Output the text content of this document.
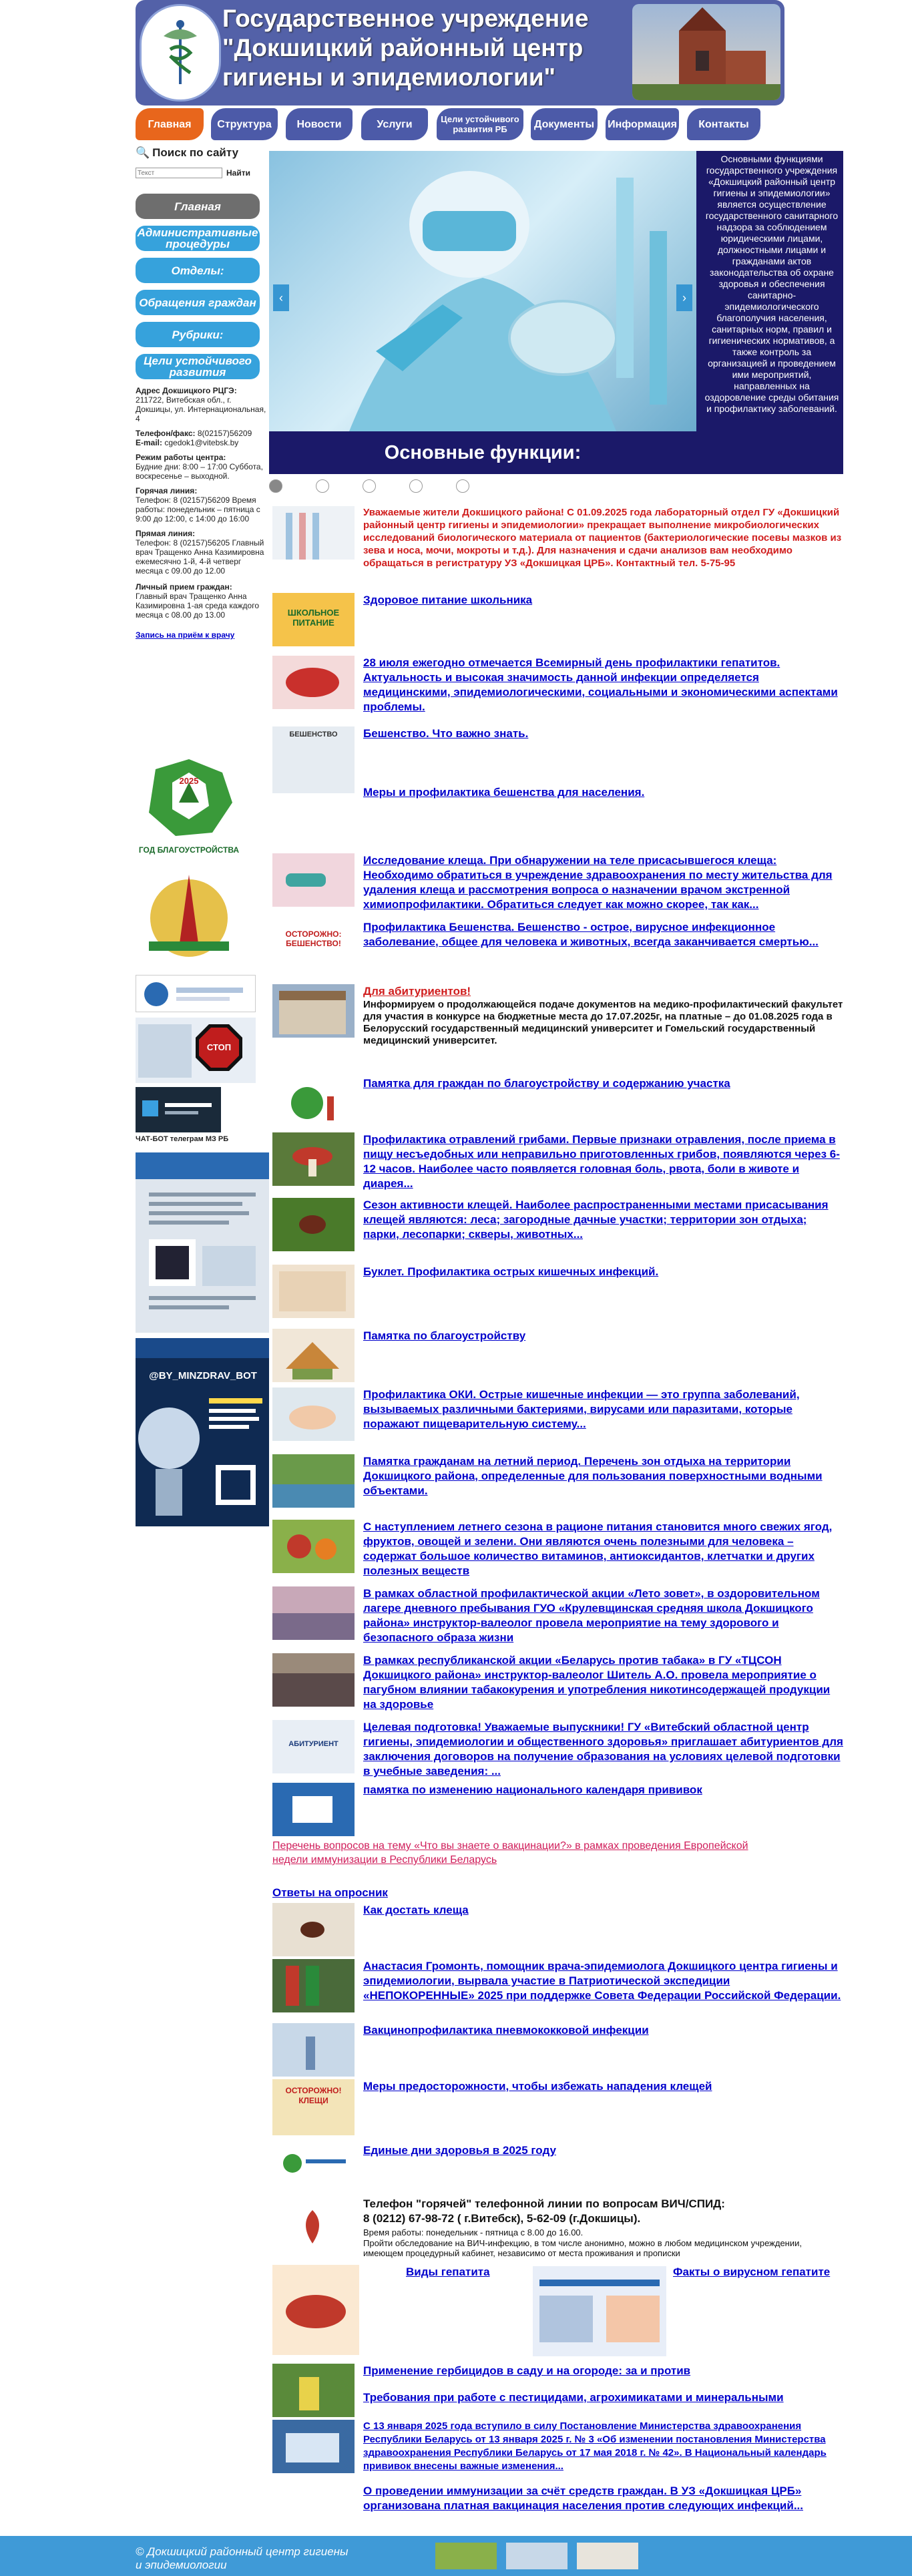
Государственное учреждение
"Докшицкий районный центр
гигиены и эпидемиологии"
Главная	Структура	Новости	Услуги	Цели устойчивого развития РБ	Документы	Информация	Контакты
🔍 Поиск по сайту
Текст
Найти
Главная
Административные процедуры
Отделы:
Обращения граждан
Рубрики:
Цели устойчивого развития
Адрес Докшицкого РЦГЭ:
211722, Витебская обл., г. Докшицы, ул. Интернациональная, 4
Телефон/факс: 8(02157)56209
E-mail: cgedok1@vitebsk.by
Режим работы центра:
Будние дни: 8:00 – 17:00 Суббота, воскресенье – выходной.
Горячая линия:
Телефон: 8 (02157)56209 Время работы: понедельник – пятница с 9:00 до 12:00, с 14:00 до 16:00
Прямая линия:
Телефон: 8 (02157)56205 Главный врач Тращенко Анна Казимировна ежемесячно 1-й, 4-й четверг месяца с 09.00 до 12.00
Личный прием граждан:
Главный врач Тращенко Анна Казимировна 1-ая среда каждого месяца с 08.00 до 13.00
Запись на приём к врачу
2025
ГОД БЛАГОУСТРОЙСТВА
СТОП
ЧАТ-БОТ телеграм МЗ РБ
@BY_MINZDRAV_BOT
‹	›
Основные функции:
Основными функциями государственного учреждения «Докшицкий районный центр гигиены и эпидемиологии» является осуществление государственного санитарного надзора за соблюдением юридическими лицами, должностными лицами и гражданами актов законодательства об охране здоровья и обеспечения санитарно-эпидемиологического благополучия населения, санитарных норм, правил и гигиенических нормативов, а также контроль за организацией и проведением ими мероприятий, направленных на оздоровление среды обитания и профилактику заболеваний.
Уважаемые жители Докшицкого района! С 01.09.2025 года лабораторный отдел ГУ «Докшицкий районный центр гигиены и эпидемиологии» прекращает выполнение микробиологических исследований биологического материала от пациентов (бактериологические посевы мазков из зева и носа, мочи, мокроты и т.д.). Для назначения и сдачи анализов вам необходимо обращаться в регистратуру УЗ «Докшицкая ЦРБ». Контактный тел. 5-75-95
ШКОЛЬНОЕ ПИТАНИЕ
Здоровое питание школьника
28 июля ежегодно отмечается Всемирный день профилактики гепатитов. Актуальность и высокая значимость данной инфекции определяется медицинскими, эпидемиологическими, социальными и экономическими аспектами проблемы.
БЕШЕНСТВО	Бешенство. Что важно знать.
Меры и профилактика бешенства для населения.
Исследование клеща. При обнаружении на теле присасывшегося клеща: Необходимо обратиться в учреждение здравоохранения по месту жительства для удаления клеща и рассмотрения вопроса о назначении врачом экстренной химиопрофилактики. Обратиться следует как можно скорее, так как...
ОСТОРОЖНО: БЕШЕНСТВО!
Профилактика Бешенства. Бешенство - острое, вирусное инфекционное заболевание, общее для человека и животных, всегда заканчивается смертью...
Для абитуриентов!
Информируем о продолжающейся подаче документов на медико-профилактический факультет для участия в конкурсе на бюджетные места до 17.07.2025г, на платные – до 01.08.2025 года в Белорусский государственный медицинский университет и Гомельский государственный медицинский университет.
Памятка для граждан по благоустройству и содержанию участка
Профилактика отравлений грибами. Первые признаки отравления, после приема в пищу несъедобных или неправильно приготовленных грибов, появляются через 6-12 часов. Наиболее часто появляется головная боль, рвота, боли в животе и диарея...
Сезон активности клещей. Наиболее распространенными местами присасывания клещей являются: леса; загородные дачные участки; территории зон отдыха; парки, лесопарки; скверы, животных...
Буклет. Профилактика острых кишечных инфекций.
Памятка по благоустройству
Профилактика ОКИ. Острые кишечные инфекции — это группа заболеваний, вызываемых различными бактериями, вирусами или паразитами, которые поражают пищеварительную систему...
Памятка гражданам на летний период. Перечень зон отдыха на территории Докшицкого района, определенные для пользования поверхностными водными объектами.
С наступлением летнего сезона в рационе питания становится много свежих ягод, фруктов, овощей и зелени. Они являются очень полезными для человека – содержат большое количество витаминов, антиоксидантов, клетчатки и других полезных веществ
В рамках областной профилактической акции «Лето зовет», в оздоровительном лагере дневного пребывания ГУО «Крулевщинская средняя школа Докшицкого района» инструктор-валеолог провела мероприятие на тему здорового и безопасного образа жизни
В рамках республиканской акции «Беларусь против табака» в ГУ «ТЦСОН Докшицкого района» инструктор-валеолог Шитель А.О. провела мероприятие о пагубном влиянии табакокурения и употребления никотинсодержащей продукции на здоровье
АБИТУРИЕНТ
Целевая подготовка! Уважаемые выпускники! ГУ «Витебский областной центр гигиены, эпидемиологии и общественного здоровья» приглашает абитуриентов для заключения договоров на получение образования на условиях целевой подготовки в учебные заведения: ...
памятка по изменению национального календаря прививок
Перечень вопросов на тему «Что вы знаете о вакцинации?» в рамках проведения Европейской недели иммунизации в Республики Беларусь
Ответы на опросник
Как достать клеща
Анастасия Громонть, помощник врача-эпидемиолога Докшицкого центра гигиены и эпидемиологии, вырвала участие в Патриотической экспедиции «НЕПОКОРЕННЫЕ» 2025 при поддержке Совета Федерации Российской Федерации.
Вакцинопрофилактика пневмококковой инфекции
ОСТОРОЖНО! КЛЕЩИ
Меры предосторожности, чтобы избежать нападения клещей
Единые дни здоровья в 2025 году
Телефон "горячей" телефонной линии по вопросам ВИЧ/СПИД:
8 (0212) 67-98-72 ( г.Витебск), 5-62-09 (г.Докшицы).
Время работы: понедельник - пятница с 8.00 до 16.00.
Пройти обследование на ВИЧ-инфекцию, в том числе анонимно, можно в любом медицинском учреждении, имеющем процедурный кабинет, независимо от места проживания и прописки
Виды гепатита	Факты о вирусном гепатите
Применение гербицидов в саду и на огороде: за и против
Требования при работе с пестицидами, агрохимикатами и минеральными
С 13 января 2025 года вступило в силу Постановление Министерства здравоохранения Республики Беларусь от 13 января 2025 г. № 3 «Об изменении постановления Министерства здравоохранения Республики Беларусь от 17 мая 2018 г. № 42». В Национальный календарь прививок внесены важные изменения...
О проведении иммунизации за счёт средств граждан. В УЗ «Докшицкая ЦРБ» организована платная вакцинация населения против следующих инфекций...
© Докшицкий районный центр гигиены
и эпидемиологии
